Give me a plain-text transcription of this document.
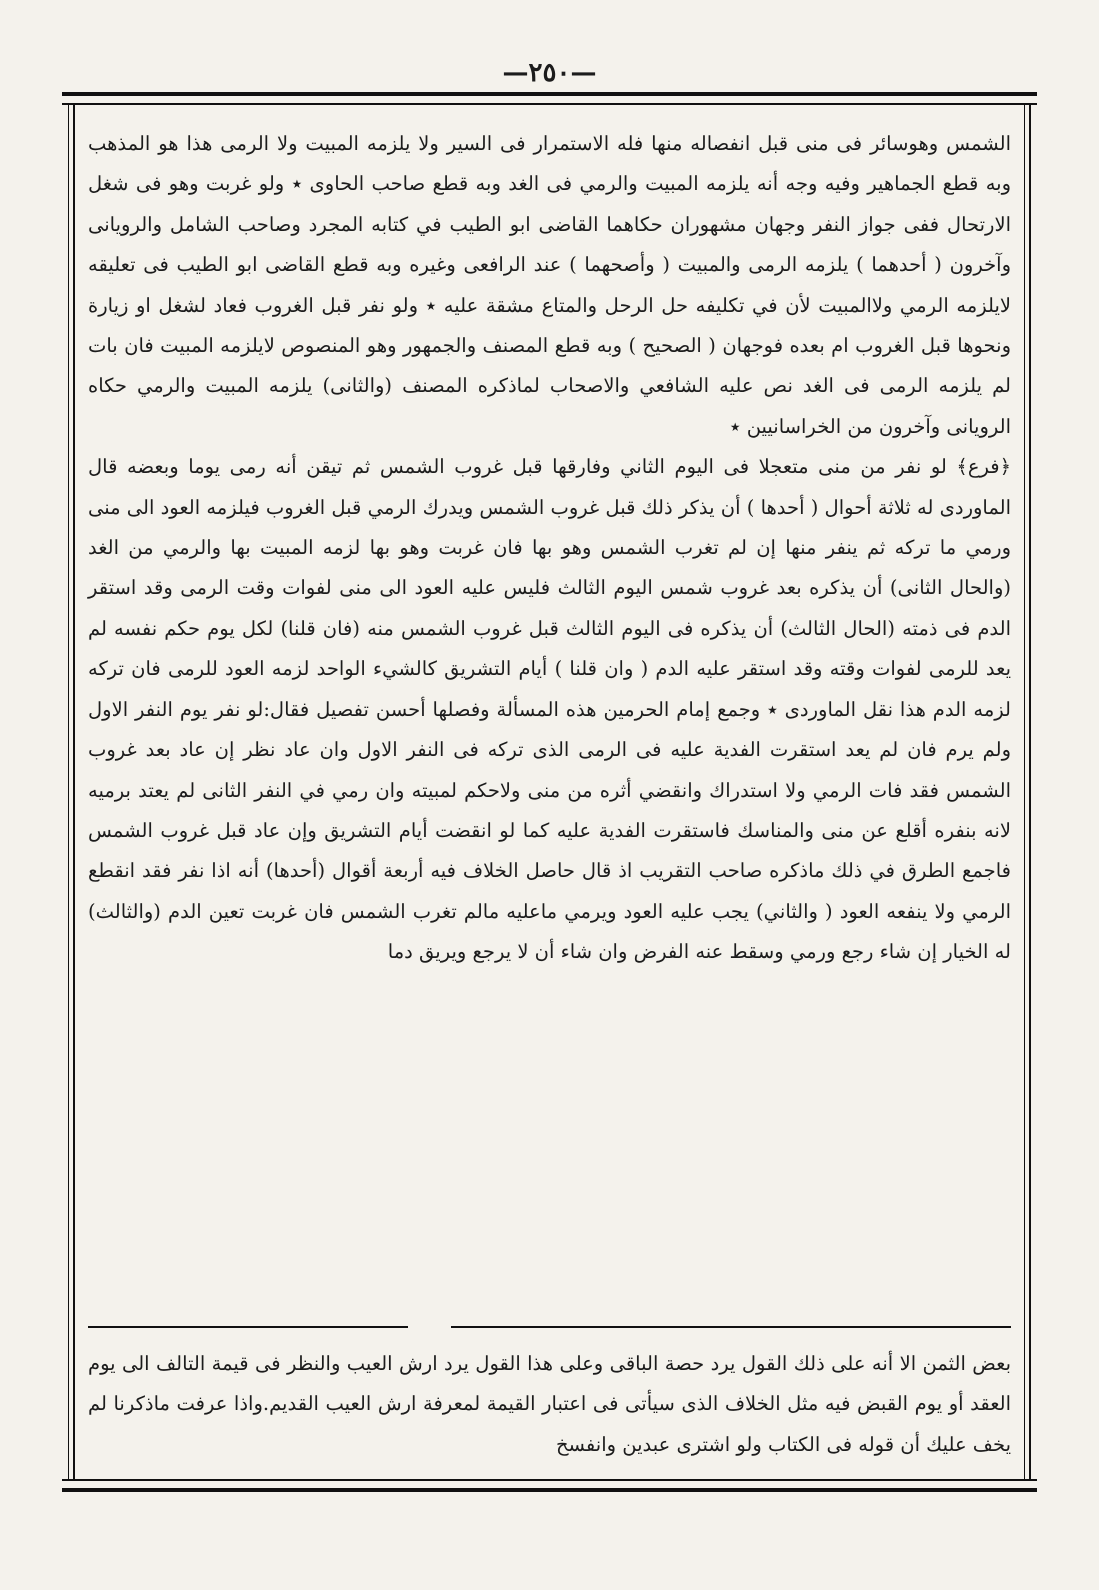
—٢٥٠—

الشمس وهوسائر فى منى قبل انفصاله منها فله الاستمرار فى السير ولا يلزمه المبيت ولا الرمى هذا هو المذهب وبه قطع الجماهير وفيه وجه أنه يلزمه المبيت والرمي فى الغد وبه قطع صاحب الحاوى ٭ ولو غربت وهو فى شغل الارتحال ففى جواز النفر وجهان مشهوران حكاهما القاضى ابو الطيب في كتابه المجرد وصاحب الشامل والرويانى وآخرون ( أحدهما ) يلزمه الرمى والمبيت ( وأصحهما ) عند الرافعى وغيره وبه قطع القاضى ابو الطيب فى تعليقه لايلزمه الرمي ولاالمبيت لأن في تكليفه حل الرحل والمتاع مشقة عليه ٭ ولو نفر قبل الغروب فعاد لشغل او زيارة ونحوها قبل الغروب ام بعده فوجهان ( الصحيح ) وبه قطع المصنف والجمهور وهو المنصوص لايلزمه المبيت فان بات لم يلزمه الرمى فى الغد نص عليه الشافعي والاصحاب لماذكره المصنف (والثانى) يلزمه المبيت والرمي حكاه الرويانى وآخرون من الخراسانيين ٭

﴿فرع﴾ لو نفر من منى متعجلا فى اليوم الثاني وفارقها قبل غروب الشمس ثم تيقن أنه رمى يوما وبعضه قال الماوردى له ثلاثة أحوال ( أحدها ) أن يذكر ذلك قبل غروب الشمس ويدرك الرمي قبل الغروب فيلزمه العود الى منى ورمي ما تركه ثم ينفر منها إن لم تغرب الشمس وهو بها فان غربت وهو بها لزمه المبيت بها والرمي من الغد (والحال الثانى) أن يذكره بعد غروب شمس اليوم الثالث فليس عليه العود الى منى لفوات وقت الرمى وقد استقر الدم فى ذمته (الحال الثالث) أن يذكره فى اليوم الثالث قبل غروب الشمس منه (فان قلنا) لكل يوم حكم نفسه لم يعد للرمى لفوات وقته وقد استقر عليه الدم ( وان قلنا ) أيام التشريق كالشيء الواحد لزمه العود للرمى فان تركه لزمه الدم هذا نقل الماوردى ٭ وجمع إمام الحرمين هذه المسألة وفصلها أحسن تفصيل فقال:لو نفر يوم النفر الاول ولم يرم فان لم يعد استقرت الفدية عليه فى الرمى الذى تركه فى النفر الاول وان عاد نظر إن عاد بعد غروب الشمس فقد فات الرمي ولا استدراك وانقضي أثره من منى ولاحكم لمبيته وان رمي في النفر الثانى لم يعتد برميه لانه بنفره أقلع عن منى والمناسك فاستقرت الفدية عليه كما لو انقضت أيام التشريق وإن عاد قبل غروب الشمس فاجمع الطرق في ذلك ماذكره صاحب التقريب اذ قال حاصل الخلاف فيه أربعة أقوال (أحدها) أنه اذا نفر فقد انقطع الرمي ولا ينفعه العود ( والثاني) يجب عليه العود ويرمي ماعليه مالم تغرب الشمس فان غربت تعين الدم (والثالث) له الخيار إن شاء رجع ورمي وسقط عنه الفرض وان شاء أن لا يرجع ويريق دما

بعض الثمن الا أنه على ذلك القول يرد حصة الباقى وعلى هذا القول يرد ارش العيب والنظر فى قيمة التالف الى يوم العقد أو يوم القبض فيه مثل الخلاف الذى سيأتى فى اعتبار القيمة لمعرفة ارش العيب القديم.واذا عرفت ماذكرنا لم يخف عليك أن قوله فى الكتاب ولو اشترى عبدين وانفسخ
